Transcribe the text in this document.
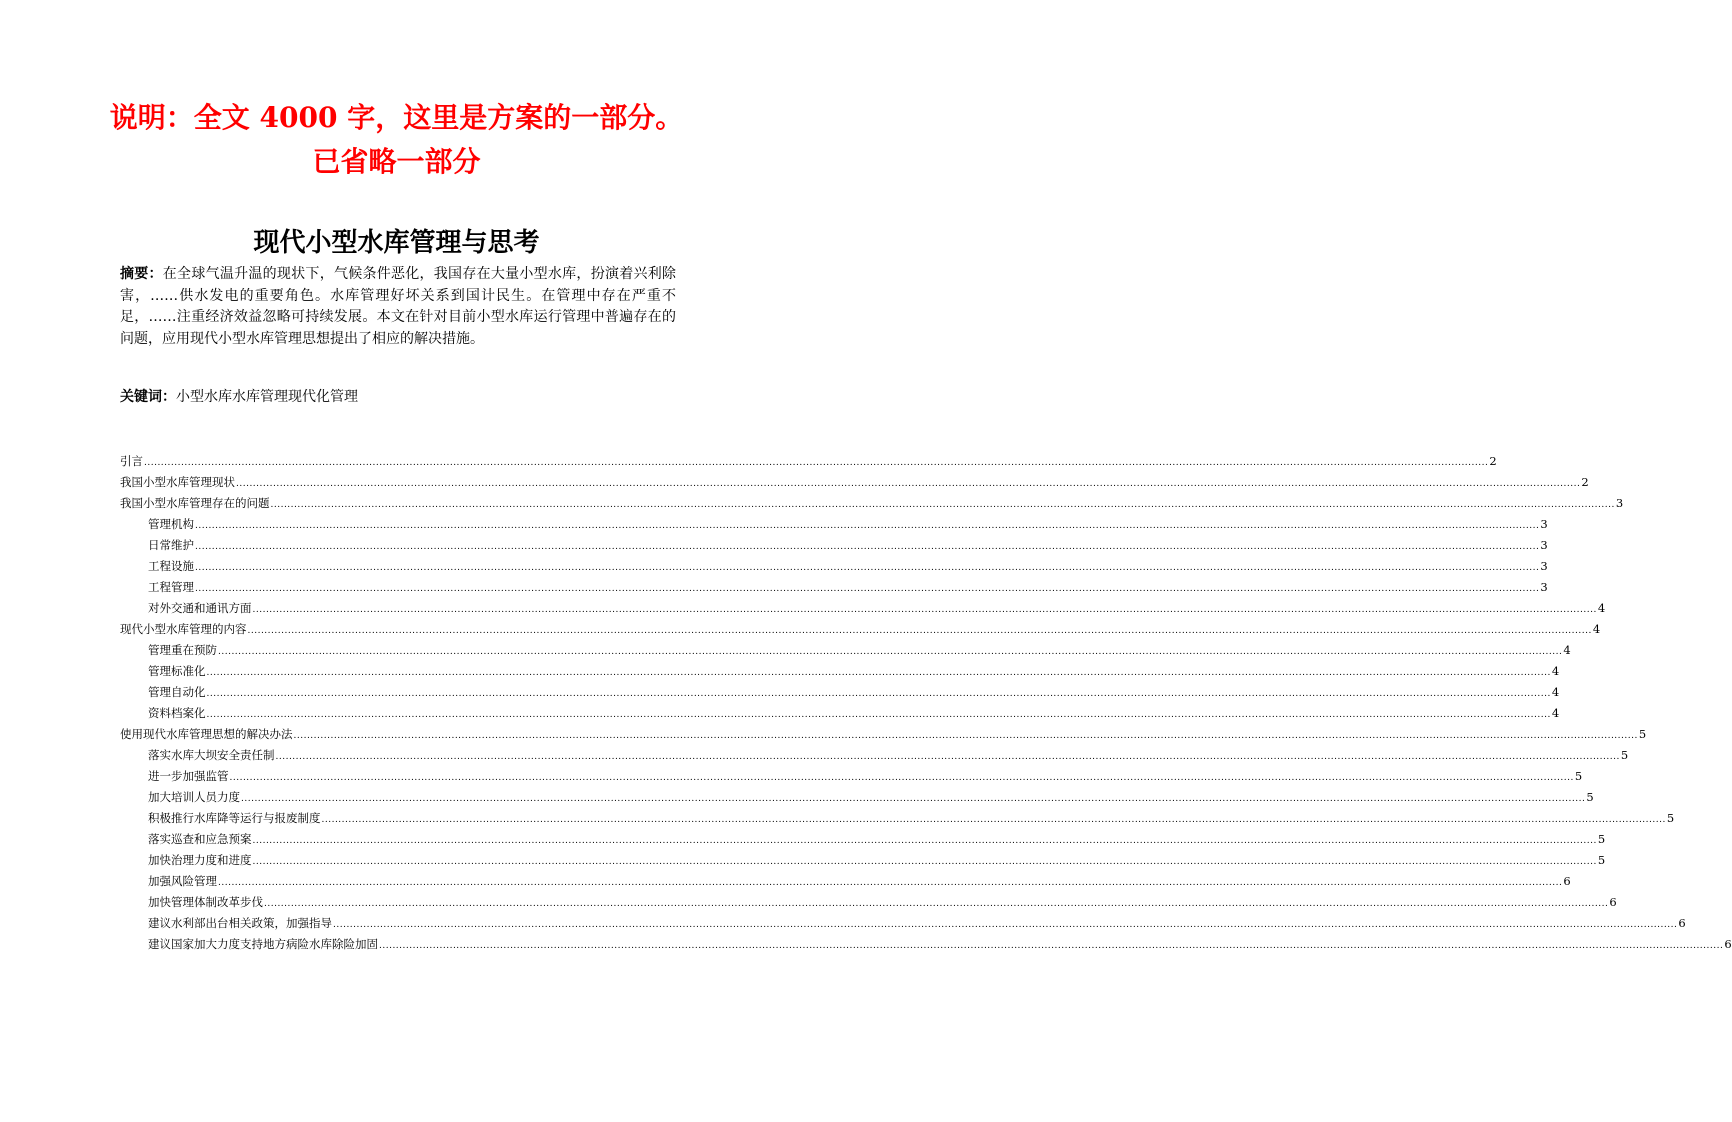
说明：全文 4000 字，这里是方案的一部分。
已省略一部分
现代小型水库管理与思考
摘要：在全球气温升温的现状下，气候条件恶化，我国存在大量小型水库，扮演着兴利除害，……供水发电的重要角色。水库管理好坏关系到国计民生。在管理中存在严重不足，……注重经济效益忽略可持续发展。本文在针对目前小型水库运行管理中普遍存在的问题，应用现代小型水库管理思想提出了相应的解决措施。
关键词：小型水库水库管理现代化管理
引言 ................................................................................................................................................................................................................................................................................................................................................................................................................ 2
我国小型水库管理现状 ................................................................................................................................................................................................................................................................................................................................................................................................................ 2
我国小型水库管理存在的问题 ................................................................................................................................................................................................................................................................................................................................................................................................................ 3
管理机构 ................................................................................................................................................................................................................................................................................................................................................................................................................ 3
日常维护 ................................................................................................................................................................................................................................................................................................................................................................................................................ 3
工程设施 ................................................................................................................................................................................................................................................................................................................................................................................................................ 3
工程管理 ................................................................................................................................................................................................................................................................................................................................................................................................................ 3
对外交通和通讯方面 ................................................................................................................................................................................................................................................................................................................................................................................................................ 4
现代小型水库管理的内容 ................................................................................................................................................................................................................................................................................................................................................................................................................ 4
管理重在预防 ................................................................................................................................................................................................................................................................................................................................................................................................................ 4
管理标准化 ................................................................................................................................................................................................................................................................................................................................................................................................................ 4
管理自动化 ................................................................................................................................................................................................................................................................................................................................................................................................................ 4
资料档案化 ................................................................................................................................................................................................................................................................................................................................................................................................................ 4
使用现代水库管理思想的解决办法 ................................................................................................................................................................................................................................................................................................................................................................................................................ 5
落实水库大坝安全责任制 ................................................................................................................................................................................................................................................................................................................................................................................................................ 5
进一步加强监管 ................................................................................................................................................................................................................................................................................................................................................................................................................ 5
加大培训人员力度 ................................................................................................................................................................................................................................................................................................................................................................................................................ 5
积极推行水库降等运行与报废制度 ................................................................................................................................................................................................................................................................................................................................................................................................................ 5
落实巡查和应急预案 ................................................................................................................................................................................................................................................................................................................................................................................................................ 5
加快治理力度和进度 ................................................................................................................................................................................................................................................................................................................................................................................................................ 5
加强风险管理 ................................................................................................................................................................................................................................................................................................................................................................................................................ 6
加快管理体制改革步伐 ................................................................................................................................................................................................................................................................................................................................................................................................................ 6
建议水利部出台相关政策，加强指导 ................................................................................................................................................................................................................................................................................................................................................................................................................ 6
建议国家加大力度支持地方病险水库除险加固 ................................................................................................................................................................................................................................................................................................................................................................................................................ 6
